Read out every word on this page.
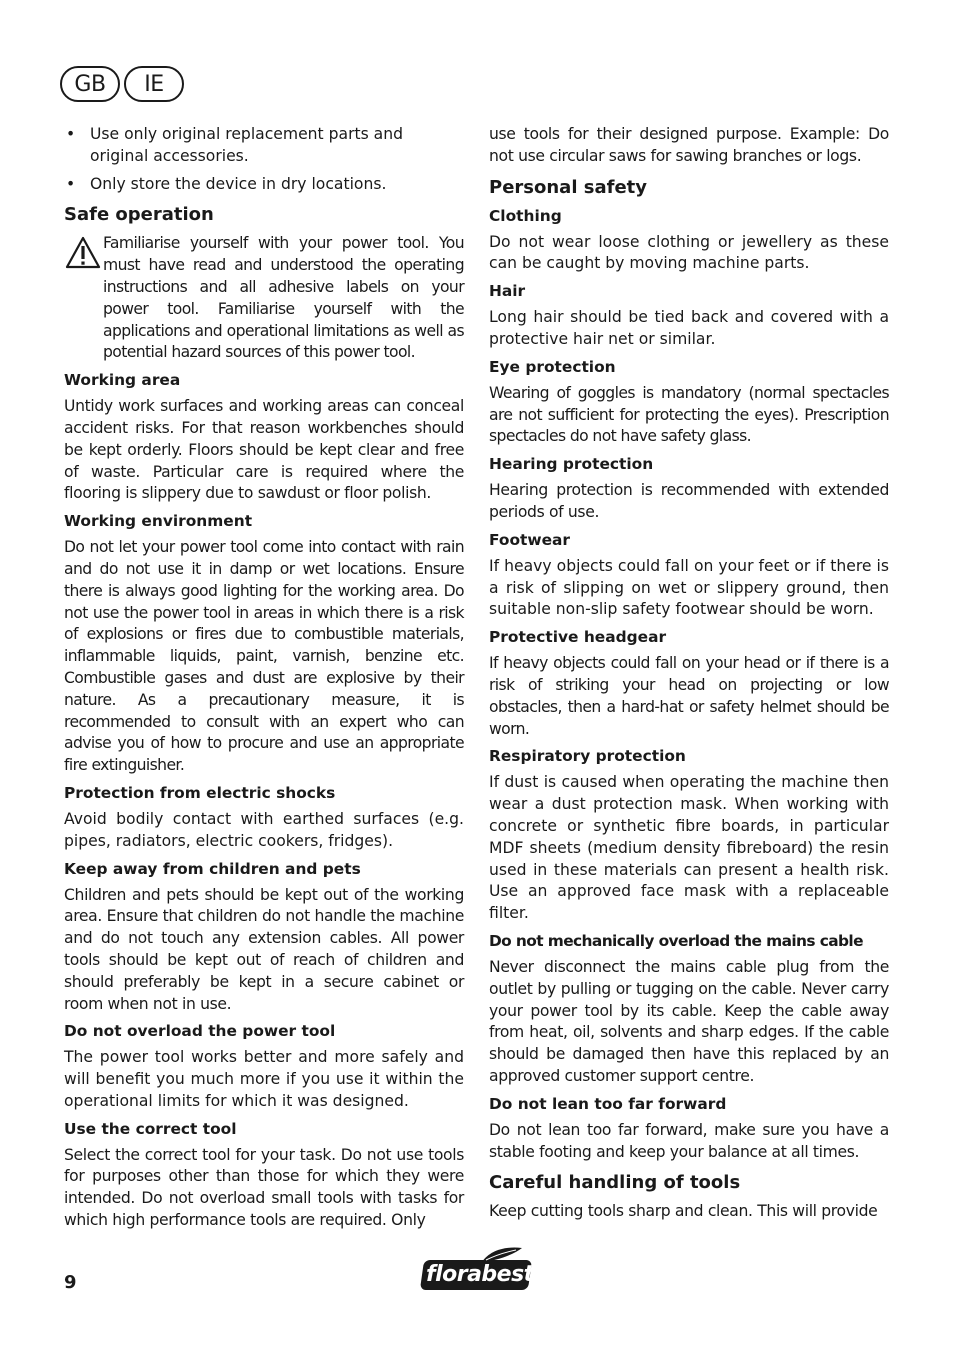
GB	IE
• Use only original replacement parts and original accessories.
• Only store the device in dry locations.
Safe operation

Familiarise yourself with your power tool. You must have read and understood the operating instructions and all adhesive labels on your power tool. Familiarise yourself with the applications and operational limitations as well as potential hazard sources of this power tool.

Working area

Untidy work surfaces and working areas can conceal accident risks. For that reason workbenches should be kept orderly. Floors should be kept clear and free of waste. Particular care is required where the flooring is slippery due to sawdust or floor polish.

Working environment

Do not let your power tool come into contact with rain and do not use it in damp or wet locations. Ensure there is always good lighting for the working area. Do not use the power tool in areas in which there is a risk of explosions or fires due to combustible materials, inflammable liquids, paint, varnish, benzine etc. Combustible gases and dust are explosive by their nature. As a precautionary measure, it is recommended to consult with an expert who can advise you of how to procure and use an appropriate fire extinguisher.

Protection from electric shocks

Avoid bodily contact with earthed surfaces (e.g. pipes, radiators, electric cookers, fridges).

Keep away from children and pets

Children and pets should be kept out of the working area. Ensure that children do not handle the machine and do not touch any extension cables. All power tools should be kept out of reach of children and should preferably be kept in a secure cabinet or room when not in use.

Do not overload the power tool

The power tool works better and more safely and will benefit you much more if you use it within the operational limits for which it was designed.

Use the correct tool

Select the correct tool for your task. Do not use tools for purposes other than those for which they were intended. Do not overload small tools with tasks for which high performance tools are required. Only

use tools for their designed purpose. Example: Do not use circular saws for sawing branches or logs.

Personal safety
Clothing

Do not wear loose clothing or jewellery as these can be caught by moving machine parts.

Hair

Long hair should be tied back and covered with a protective hair net or similar.

Eye protection

Wearing of goggles is mandatory (normal spectacles are not sufficient for protecting the eyes). Prescription spectacles do not have safety glass.

Hearing protection

Hearing protection is recommended with extended periods of use.

Footwear

If heavy objects could fall on your feet or if there is a risk of slipping on wet or slippery ground, then suitable non-slip safety footwear should be worn.

Protective headgear

If heavy objects could fall on your head or if there is a risk of striking your head on projecting or low obstacles, then a hard-hat or safety helmet should be worn.

Respiratory protection

If dust is caused when operating the machine then wear a dust protection mask. When working with concrete or synthetic fibre boards, in particular MDF sheets (medium density fibreboard) the resin used in these materials can present a health risk. Use an approved face mask with a replaceable filter.

Do not mechanically overload the mains cable

Never disconnect the mains cable plug from the outlet by pulling or tugging on the cable. Never carry your power tool by its cable. Keep the cable away from heat, oil, solvents and sharp edges. If the cable should be damaged then have this replaced by an approved customer support centre.

Do not lean too far forward

Do not lean too far forward, make sure you have a stable footing and keep your balance at all times.

Careful handling of tools

Keep cutting tools sharp and clean. This will provide

9	florabest
